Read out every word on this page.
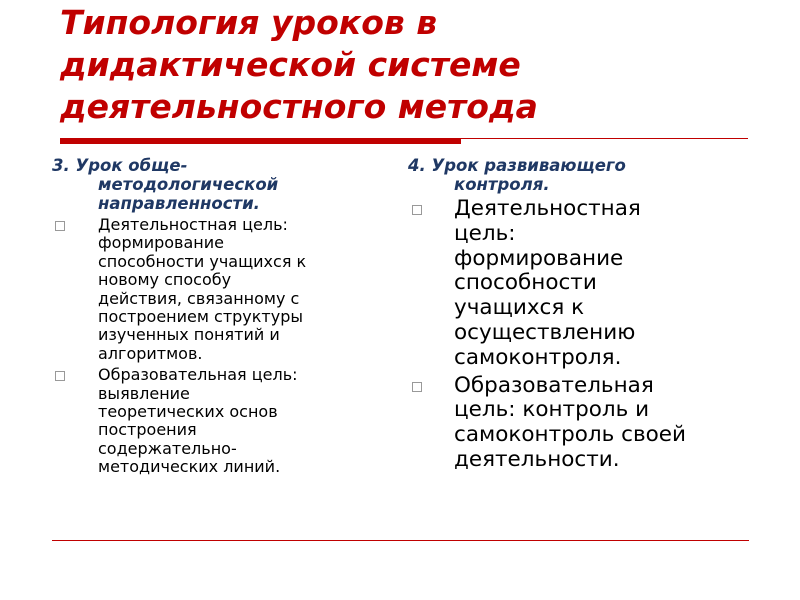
Типология уроков в
дидактической системе
деятельностного метода
3. Урок обще-
методологической
направленности.
Деятельностная цель:
формирование
способности учащихся к
новому способу
действия, связанному с
построением структуры
изученных понятий и
алгоритмов.
Образовательная цель:
выявление
теоретических основ
построения
содержательно-
методических линий.
4. Урок развивающего
контроля.
Деятельностная
цель:
формирование
способности
учащихся к
осуществлению
самоконтроля.
Образовательная
цель: контроль и
самоконтроль своей
деятельности.
